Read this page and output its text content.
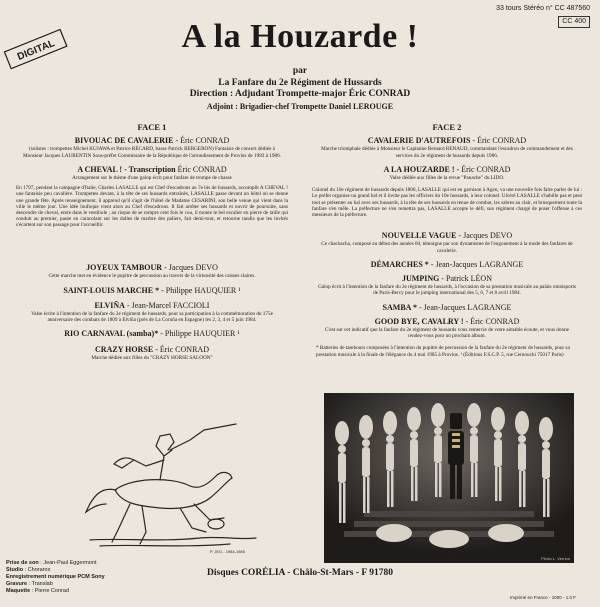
DIGITAL
33 tours Stéréo n° CC 487560
CC 400
A la Houzarde !
par
La Fanfare du 2e Régiment de Hussards
Direction : Adjudant Trompette-major Éric CONRAD
Adjoint : Brigadier-chef Trompette Daniel LEROUGE
FACE 1
BIVOUAC DE CAVALERIE - Éric CONRAD
(solistes : trompettes Michel KUJAWA et Patrice RÉCARD, basse Patrick BERGERON) Fantaisie de concert dédiée à Monsieur Jacques LAURENTIN Sous-préfet Commissaire de la République de l'arrondissement de Provins de 1983 à 1986.
A CHEVAL ! - Transcription Éric CONRAD
Arrangement sur le thème d'une galop écrit pour fanfare de trompe de chasse
En 1797, pendant la campagne d'Italie, Charles LASALLE qui est Chef d'escadrons au 7e bis de hussards, accomplit A CHEVAL ! une fantaisie peu cavalière. Trompettes devant, à la tête de ses hussards entraînés, LASALLE passe devant un hôtel où se donne une grande fête. Après renseignement, il apprend qu'il s'agit de l'hôtel de Madame CESARINI, son belle venue qui vient dans la ville le même jour. Une idée loufoque vient alors au Chef d'escadrons. Il fait arrêter ses hussards et ouvrir de poursuite, sans descendre de cheval, entre dans le vestibule ; au risque de se rompre cent fois le cou, il monte le bel escalier en pierre de taille qui conduit au premier, passe en caracolant sur les dalles de marbre des paliers, fait demi-tour, et retourne tandis que les invités s'écartent sur son passage pour l'accueillir.
JOYEUX TAMBOUR - Jacques DEVO
Cette marche met en évidence le pupitre de percussion au travers de la virtuosité des caisses claires.
SAINT-LOUIS MARCHE * - Philippe HAUQUIER ¹
ELVIÑA - Jean-Marcel FACCIOLI
Valse écrite à l'intention de la fanfare du 2e régiment de hussards, pour sa participation à la commémoration du 175e anniversaire des combats de 1809 à Elviña (près de La Coruña en Espagne) les 2, 3, 4 et 5 juin 1984.
RIO CARNAVAL (samba)* - Philippe HAUQUIER ¹
CRAZY HORSE - Éric CONRAD
Marche dédiée aux filles du "CRAZY HORSE SALOON"
P. JEG - 1984-1985
FACE 2
CAVALERIE D'AUTREFOIS - Éric CONRAD
Marche triomphale dédiée à Monsieur le Capitaine Bernard RENAUD, commandant l'escadron de commandement et des services du 2e régiment de hussards depuis 1986.
A LA HOUZARDE ! - Éric CONRAD
Valse dédiée aux filles de la revue "Panache" du LIDO.
Colonel du 10e régiment de hussards depuis 1800, LASALLE qui est en garnison à Agen, va une nouvelle fois faire parler de lui : Le préfet organise un grand bal et il invite pas les officiers du 10e hussards, à leur colonel. Ulcéré LASALLE s'habille pas et peut tout se présenter au bal avec ses hussards, à la tête de ses hussards en tenue de combat, les sabres au clair, et brusquement toute la fanfare s'en mêle. La préfecture ne s'en remettra pas, LASALLE accepte le défi, son régiment chargé de poser l'offense à ces messieurs de la préfecture.
NOUVELLE VAGUE - Jacques DEVO
Ce chachacha, composé au début des années 60, témoigne par son dynamisme de l'engouement à la mode des fanfares de cavalerie.
DÉMARCHES * - Jean-Jacques LAGRANGE
JUMPING - Patrick LÉON
Galop écrit à l'intention de la fanfare du 2e régiment de hussards, à l'occasion de sa prestation musicale au palais omnisports de Paris-Bercy pour le jumping international des 5, 6, 7 et 8 avril 1984.
SAMBA * - Jean-Jacques LAGRANGE
GOOD BYE, CAVALRY ! - Éric CONRAD
C'est sur cet indicatif que la fanfare du 2e régiment de hussards vous remercie de votre aimable écoute, et vous donne rendez-vous pour un prochain album.
* Batteries de tambours composées à l'intention du pupitre de percussion de la fanfare du 2e régiment de hussards, pour sa prestation musicale à la finale de l'élégance du 4 mai 1985 à Provins. ¹ (Éditions F.S.C.P. 5, rue Cernouchi 75017 Paris)
Photo L. Vernon
Prise de son : Jean-Paul Eggermont
Studio : Chorarox
Enregistrement numérique PCM Sony
Gravure : Translab
Maquette : Pierre Conrad
Disques CORÉLIA - Châlo-St-Mars - F 91780
Imprimé en France - 1000 - 1.0 F
